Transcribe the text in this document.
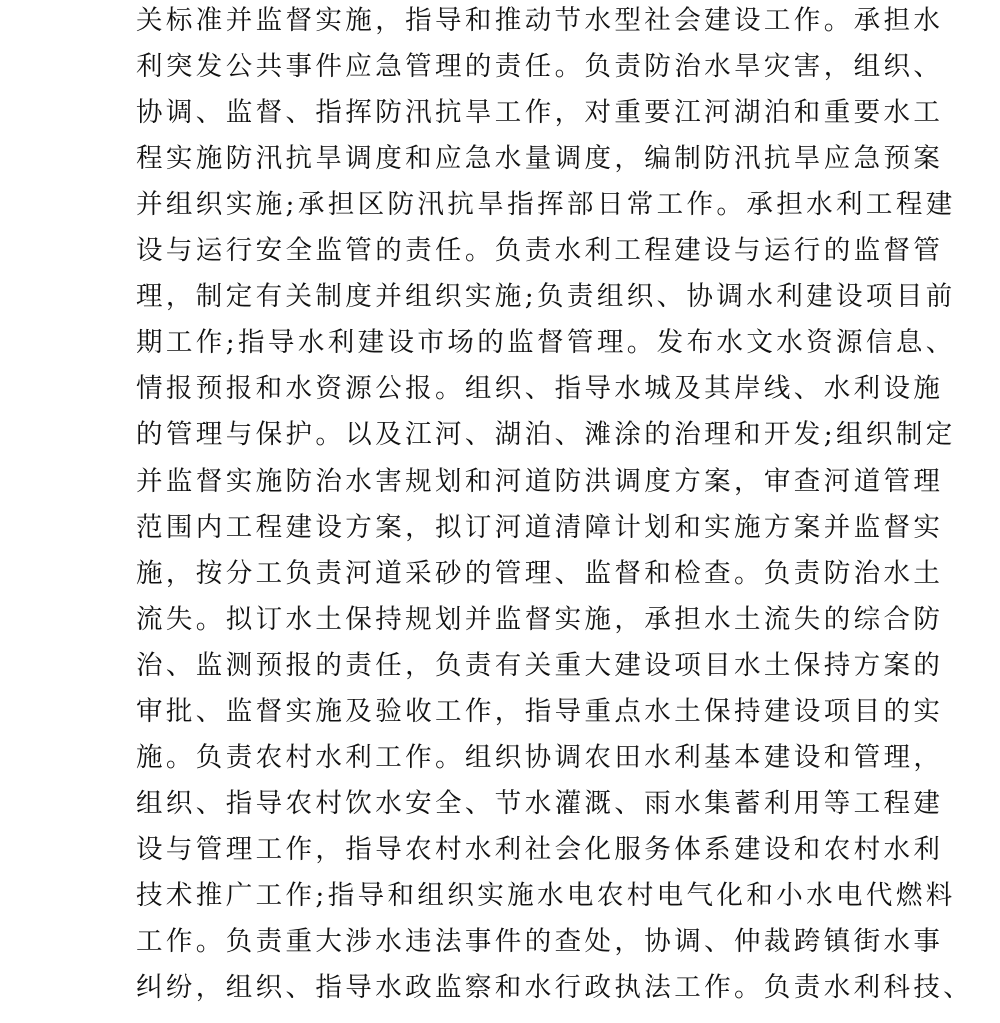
关标准并监督实施，指导和推动节水型社会建设工作。承担水
利突发公共事件应急管理的责任。负责防治水旱灾害，组织、
协调、监督、指挥防汛抗旱工作，对重要江河湖泊和重要水工
程实施防汛抗旱调度和应急水量调度，编制防汛抗旱应急预案
并组织实施;承担区防汛抗旱指挥部日常工作。承担水利工程建
设与运行安全监管的责任。负责水利工程建设与运行的监督管
理，制定有关制度并组织实施;负责组织、协调水利建设项目前
期工作;指导水利建设市场的监督管理。发布水文水资源信息、
情报预报和水资源公报。组织、指导水城及其岸线、水利设施
的管理与保护。以及江河、湖泊、滩涂的治理和开发;组织制定
并监督实施防治水害规划和河道防洪调度方案，审查河道管理
范围内工程建设方案，拟订河道清障计划和实施方案并监督实
施，按分工负责河道采砂的管理、监督和检查。负责防治水土
流失。拟订水土保持规划并监督实施，承担水土流失的综合防
治、监测预报的责任，负责有关重大建设项目水土保持方案的
审批、监督实施及验收工作，指导重点水土保持建设项目的实
施。负责农村水利工作。组织协调农田水利基本建设和管理，
组织、指导农村饮水安全、节水灌溉、雨水集蓄利用等工程建
设与管理工作，指导农村水利社会化服务体系建设和农村水利
技术推广工作;指导和组织实施水电农村电气化和小水电代燃料
工作。负责重大涉水违法事件的查处，协调、仲裁跨镇街水事
纠纷，组织、指导水政监察和水行政执法工作。负责水利科技、
